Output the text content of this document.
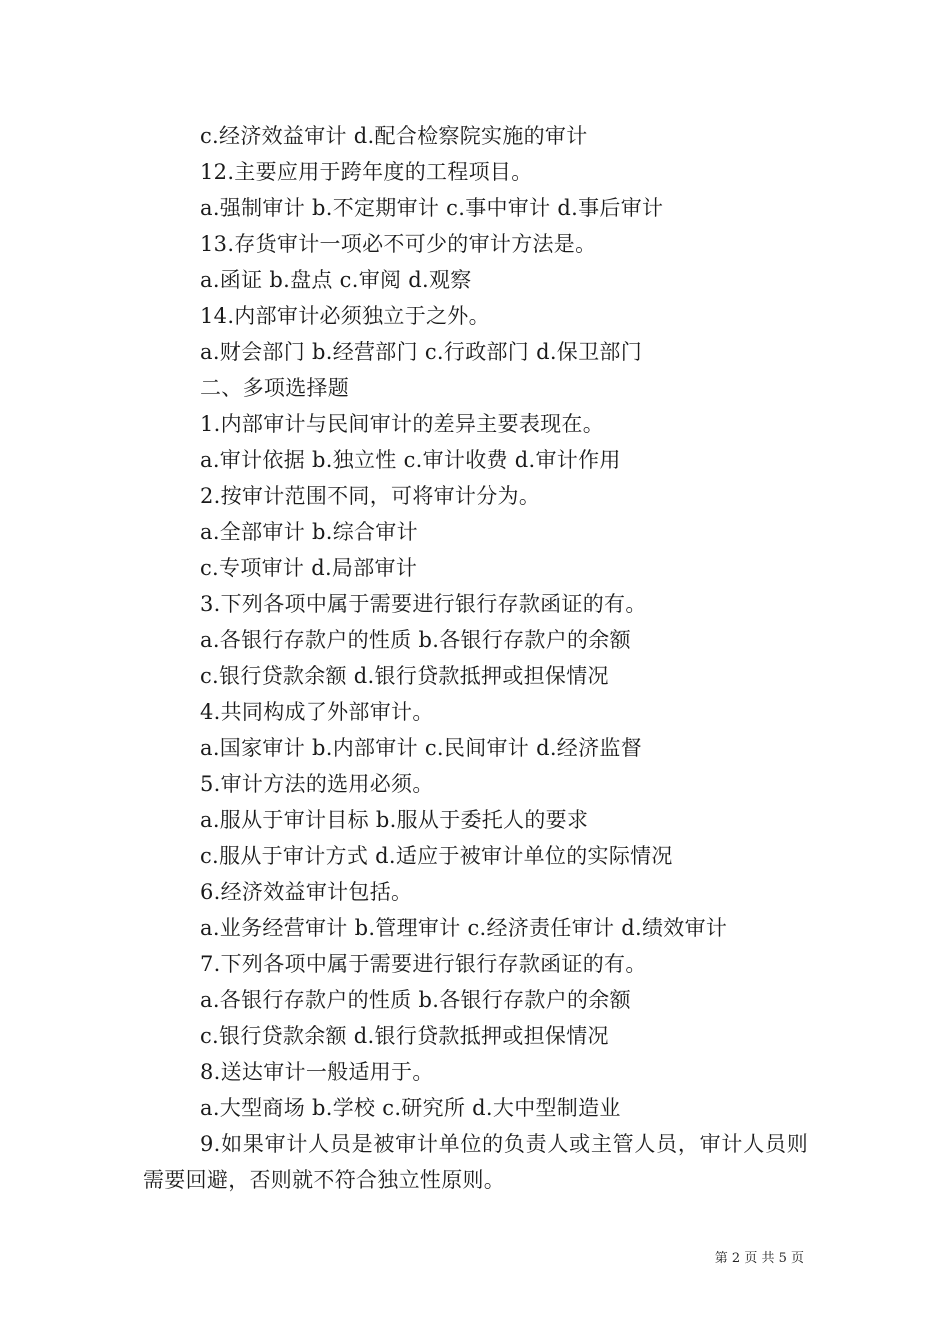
c.经济效益审计 d.配合检察院实施的审计
12.主要应用于跨年度的工程项目。
a.强制审计 b.不定期审计 c.事中审计 d.事后审计
13.存货审计一项必不可少的审计方法是。
a.函证 b.盘点 c.审阅 d.观察
14.内部审计必须独立于之外。
a.财会部门 b.经营部门 c.行政部门 d.保卫部门
二、多项选择题
1.内部审计与民间审计的差异主要表现在。
a.审计依据 b.独立性 c.审计收费 d.审计作用
2.按审计范围不同，可将审计分为。
a.全部审计 b.综合审计
c.专项审计 d.局部审计
3.下列各项中属于需要进行银行存款函证的有。
a.各银行存款户的性质 b.各银行存款户的余额
c.银行贷款余额 d.银行贷款抵押或担保情况
4.共同构成了外部审计。
a.国家审计 b.内部审计 c.民间审计 d.经济监督
5.审计方法的选用必须。
a.服从于审计目标 b.服从于委托人的要求
c.服从于审计方式 d.适应于被审计单位的实际情况
6.经济效益审计包括。
a.业务经营审计 b.管理审计 c.经济责任审计 d.绩效审计
7.下列各项中属于需要进行银行存款函证的有。
a.各银行存款户的性质 b.各银行存款户的余额
c.银行贷款余额 d.银行贷款抵押或担保情况
8.送达审计一般适用于。
a.大型商场 b.学校 c.研究所 d.大中型制造业

9.如果审计人员是被审计单位的负责人或主管人员，审计人员则需要回避，否则就不符合独立性原则。

第 2 页 共 5 页
